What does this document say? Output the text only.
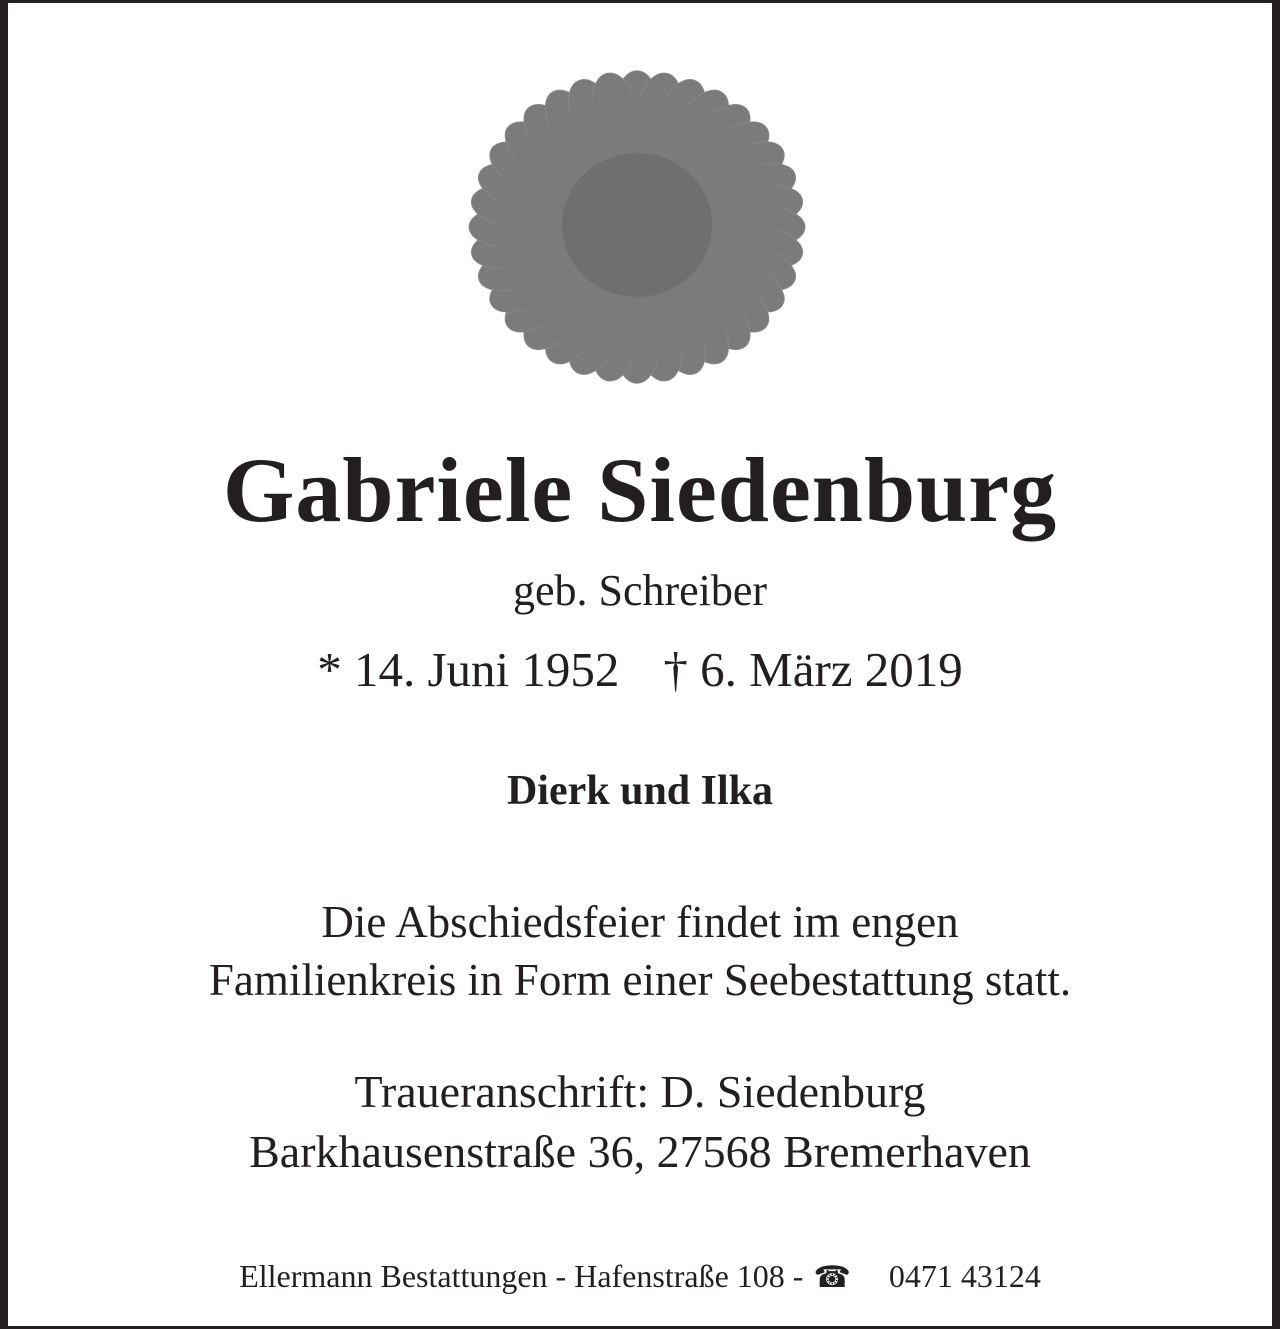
Gabriele Siedenburg
geb. Schreiber
* 14. Juni 1952 † 6. März 2019
Dierk und Ilka
Die Abschiedsfeier findet im engen
Familienkreis in Form einer Seebestattung statt.
Traueranschrift: D. Siedenburg
Barkhausenstraße 36, 27568 Bremerhaven
Ellermann Bestattungen - Hafenstraße 108 - ☎ 0471 43124
